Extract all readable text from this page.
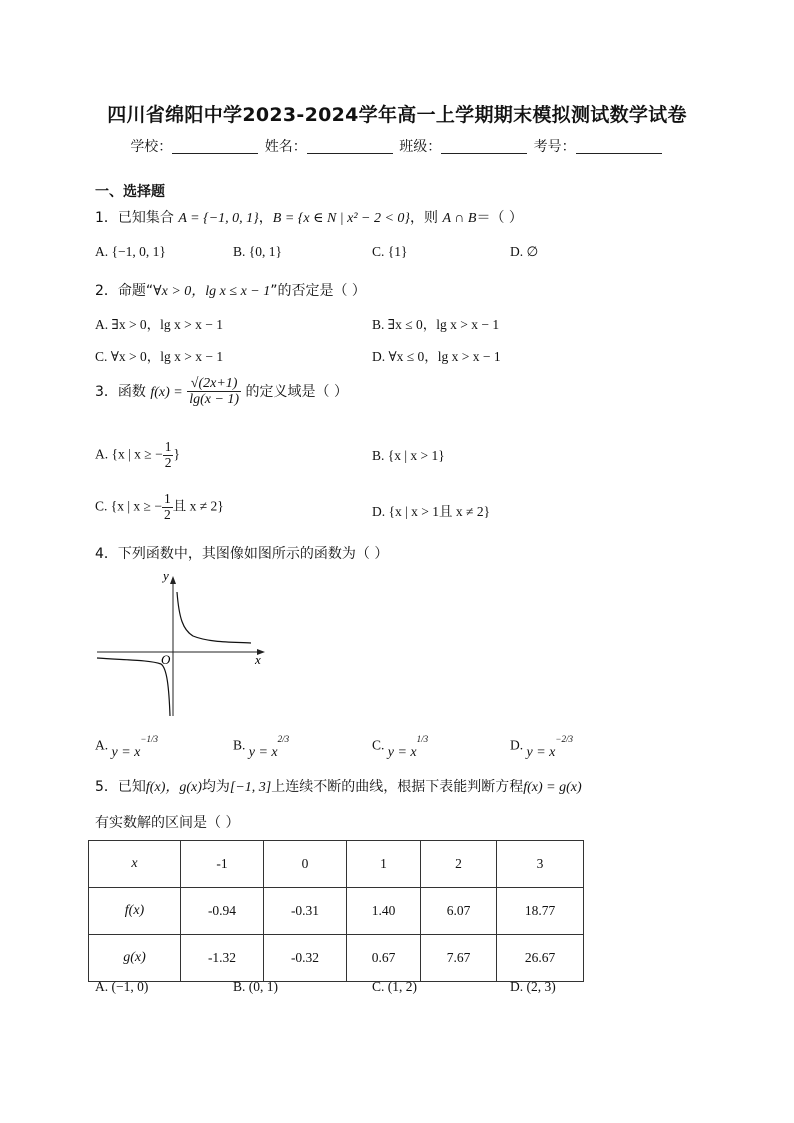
四川省绵阳中学2023-2024学年高一上学期期末模拟测试数学试卷
学校：	姓名：	班级：	考号：
一、选择题
1．已知集合 A = {−1, 0, 1}，B = {x ∈ N | x² − 2 < 0}，则 A ∩ B＝（ ）
A. {−1, 0, 1}	B. {0, 1}	C. {1}	D. ∅
2．命题“∀x > 0，lg x ≤ x − 1”的否定是（ ）
A. ∃x > 0，lg x > x − 1	B. ∃x ≤ 0，lg x > x − 1
C. ∀x > 0，lg x > x − 1	D. ∀x ≤ 0，lg x > x − 1
3．函数 $f(x) = \frac{√(2x+1)}{\lg(x - 1)}$ 的定义域是（ ）
A. {x | x ≥ − $\frac{1}{2}$ }	B. {x | x > 1}
C. {x | x ≥ − $\frac{1}{2}$ 且 x ≠ 2}	D. {x | x > 1且 x ≠ 2}
4．下列函数中，其图像如图所示的函数为（ ）
y
x
O
A. $y = x^{-1/3}$	B. $y = x^{2/3}$	C. $y = x^{1/3}$	D. $y = x^{-2/3}$
5．已知f(x)，g(x)均为[−1, 3]上连续不断的曲线，根据下表能判断方程f(x) = g(x)
有实数解的区间是（ ）
x	-1	0	1	2	3
f(x)	-0.94	-0.31	1.40	6.07	18.77
g(x)	-1.32	-0.32	0.67	7.67	26.67
A. (−1, 0)	B. (0, 1)	C. (1, 2)	D. (2, 3)
